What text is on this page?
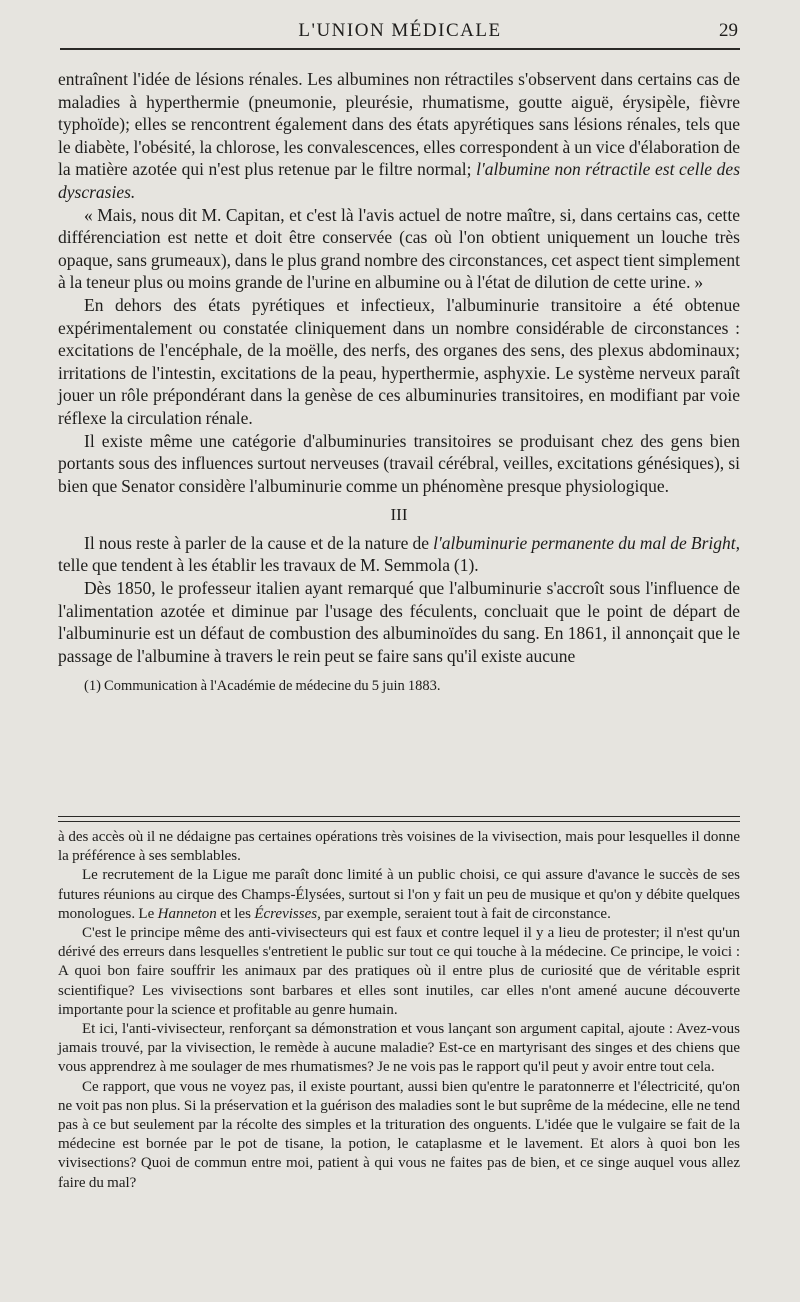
L'UNION MÉDICALE	29

entraînent l'idée de lésions rénales. Les albumines non rétractiles s'observent dans certains cas de maladies à hyperthermie (pneumonie, pleurésie, rhumatisme, goutte aiguë, érysipèle, fièvre typhoïde); elles se rencontrent également dans des états apyrétiques sans lésions rénales, tels que le diabète, l'obésité, la chlorose, les convalescences, elles correspondent à un vice d'élaboration de la matière azotée qui n'est plus retenue par le filtre normal; l'albumine non rétractile est celle des dyscrasies.

« Mais, nous dit M. Capitan, et c'est là l'avis actuel de notre maître, si, dans certains cas, cette différenciation est nette et doit être conservée (cas où l'on obtient uniquement un louche très opaque, sans grumeaux), dans le plus grand nombre des circonstances, cet aspect tient simplement à la teneur plus ou moins grande de l'urine en albumine ou à l'état de dilution de cette urine. »

En dehors des états pyrétiques et infectieux, l'albuminurie transitoire a été obtenue expérimentalement ou constatée cliniquement dans un nombre considérable de circonstances : excitations de l'encéphale, de la moëlle, des nerfs, des organes des sens, des plexus abdominaux; irritations de l'intestin, excitations de la peau, hyperthermie, asphyxie. Le système nerveux paraît jouer un rôle prépondérant dans la genèse de ces albuminuries transitoires, en modifiant par voie réflexe la circulation rénale.

Il existe même une catégorie d'albuminuries transitoires se produisant chez des gens bien portants sous des influences surtout nerveuses (travail cérébral, veilles, excitations génésiques), si bien que Senator considère l'albuminurie comme un phénomène presque physiologique.

III

Il nous reste à parler de la cause et de la nature de l'albuminurie permanente du mal de Bright, telle que tendent à les établir les travaux de M. Semmola (1).

Dès 1850, le professeur italien ayant remarqué que l'albuminurie s'accroît sous l'influence de l'alimentation azotée et diminue par l'usage des féculents, concluait que le point de départ de l'albuminurie est un défaut de combustion des albuminoïdes du sang. En 1861, il annonçait que le passage de l'albumine à travers le rein peut se faire sans qu'il existe aucune

(1) Communication à l'Académie de médecine du 5 juin 1883.

à des accès où il ne dédaigne pas certaines opérations très voisines de la vivisection, mais pour lesquelles il donne la préférence à ses semblables.

Le recrutement de la Ligue me paraît donc limité à un public choisi, ce qui assure d'avance le succès de ses futures réunions au cirque des Champs-Élysées, surtout si l'on y fait un peu de musique et qu'on y débite quelques monologues. Le Hanneton et les Écrevisses, par exemple, seraient tout à fait de circonstance.

C'est le principe même des anti-vivisecteurs qui est faux et contre lequel il y a lieu de protester; il n'est qu'un dérivé des erreurs dans lesquelles s'entretient le public sur tout ce qui touche à la médecine. Ce principe, le voici : A quoi bon faire souffrir les animaux par des pratiques où il entre plus de curiosité que de véritable esprit scientifique? Les vivisections sont barbares et elles sont inutiles, car elles n'ont amené aucune découverte importante pour la science et profitable au genre humain.

Et ici, l'anti-vivisecteur, renforçant sa démonstration et vous lançant son argument capital, ajoute : Avez-vous jamais trouvé, par la vivisection, le remède à aucune maladie? Est-ce en martyrisant des singes et des chiens que vous apprendrez à me soulager de mes rhumatismes? Je ne vois pas le rapport qu'il peut y avoir entre tout cela.

Ce rapport, que vous ne voyez pas, il existe pourtant, aussi bien qu'entre le paratonnerre et l'électricité, qu'on ne voit pas non plus. Si la préservation et la guérison des maladies sont le but suprême de la médecine, elle ne tend pas à ce but seulement par la récolte des simples et la trituration des onguents. L'idée que le vulgaire se fait de la médecine est bornée par le pot de tisane, la potion, le cataplasme et le lavement. Et alors à quoi bon les vivisections? Quoi de commun entre moi, patient à qui vous ne faites pas de bien, et ce singe auquel vous allez faire du mal?
